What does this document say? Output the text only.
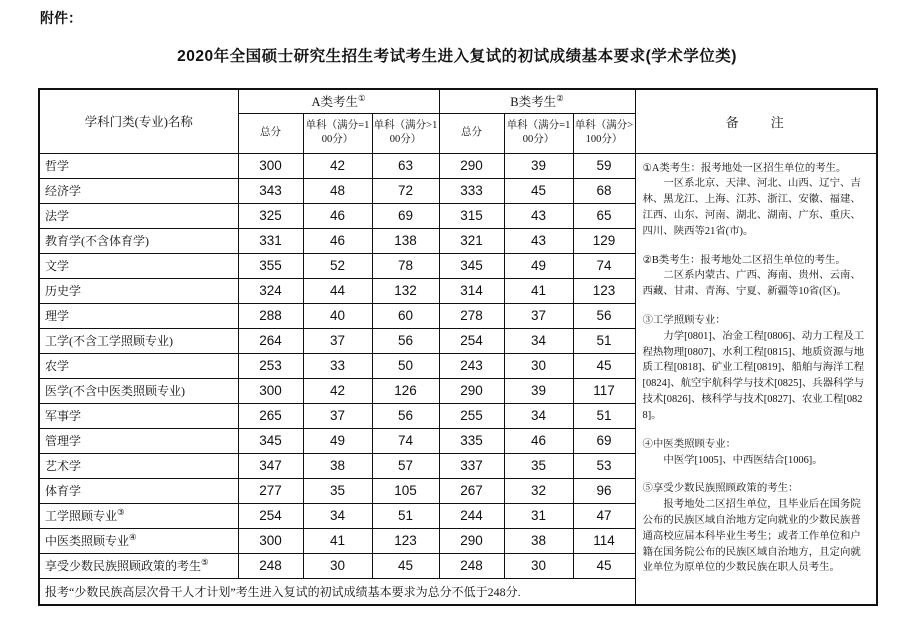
附件：
2020年全国硕士研究生招生考试考生进入复试的初试成绩基本要求(学术学位类)
学科门类(专业)名称	A类考生①			B类考生②			备　　注
	总分	单科（满分=100分）	单科（满分>100分）	总分	单科（满分=100分）	单科（满分>100分）	
哲学	300	42	63	290	39	59	①A类考生：报考地处一区招生单位的考生。

一区系北京、天津、河北、山西、辽宁、吉林、黑龙江、上海、江苏、浙江、安徽、福建、江西、山东、河南、湖北、湖南、广东、重庆、四川、陕西等21省(市)。

②B类考生：报考地处二区招生单位的考生。

二区系内蒙古、广西、海南、贵州、云南、西藏、甘肃、青海、宁夏、新疆等10省(区)。

③工学照顾专业：

力学[0801]、冶金工程[0806]、动力工程及工程热物理[0807]、水利工程[0815]、地质资源与地质工程[0818]、矿业工程[0819]、船舶与海洋工程[0824]、航空宇航科学与技术[0825]、兵器科学与技术[0826]、核科学与技术[0827]、农业工程[0828]。

④中医类照顾专业：

中医学[1005]、中西医结合[1006]。

⑤享受少数民族照顾政策的考生：

报考地处二区招生单位，且毕业后在国务院公布的民族区域自治地方定向就业的少数民族普通高校应届本科毕业生考生；或者工作单位和户籍在国务院公布的民族区域自治地方，且定向就业单位为原单位的少数民族在职人员考生。

经济学	343	48	72	333	45	68	
法学	325	46	69	315	43	65	
教育学(不含体育学)	331	46	138	321	43	129	
文学	355	52	78	345	49	74	
历史学	324	44	132	314	41	123	
理学	288	40	60	278	37	56	
工学(不含工学照顾专业)	264	37	56	254	34	51	
农学	253	33	50	243	30	45	
医学(不含中医类照顾专业)	300	42	126	290	39	117	
军事学	265	37	56	255	34	51	
管理学	345	49	74	335	46	69	
艺术学	347	38	57	337	35	53	
体育学	277	35	105	267	32	96	
工学照顾专业③	254	34	51	244	31	47	
中医类照顾专业④	300	41	123	290	38	114	
享受少数民族照顾政策的考生⑤	248	30	45	248	30	45	
报考“少数民族高层次骨干人才计划”考生进入复试的初试成绩基本要求为总分不低于248分.							
